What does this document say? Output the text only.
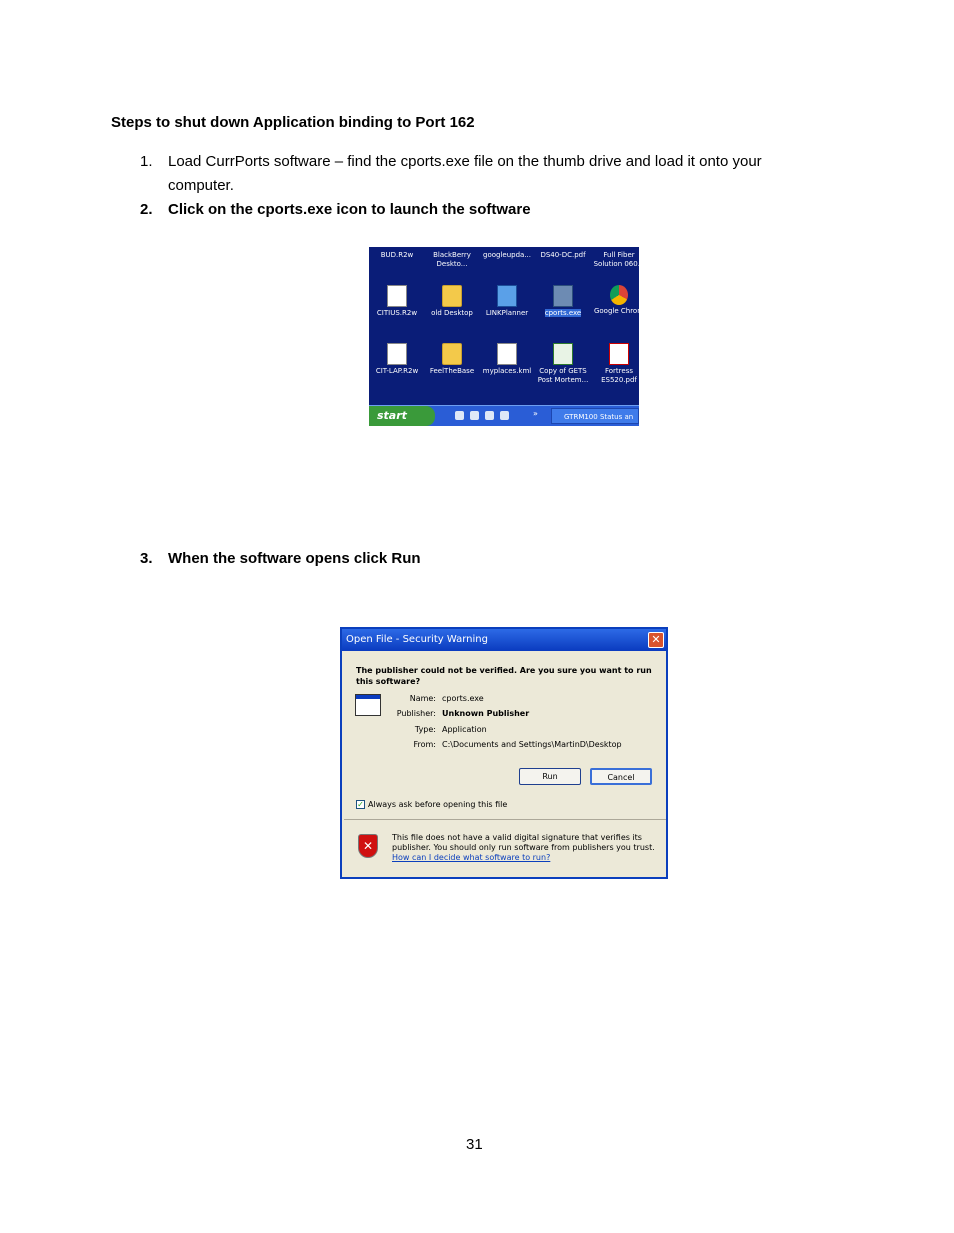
Steps to shut down Application binding to Port 162
1.	Load CurrPorts software – find the cports.exe file on the thumb drive and load it onto your
computer.
2.	Click on the cports.exe icon to launch the software
BUD.R2w	BlackBerry Deskto...
googleupda...	DS40-DC.pdf	Full Fiber Solution 060...
CITIUS.R2w	old Desktop	LINKPlanner	cports.exe	Google Chrom
CIT-LAP.R2w	FeelTheBase	myplaces.kml	Copy of GETS Post Mortem...
Fortress ES520.pdf
start	»	GTRM100 Status an
3.	When the software opens click Run
Open File - Security Warning	✕
The publisher could not be verified. Are you sure you want to run this software?
Name: cports.exe
Publisher: Unknown Publisher
Type: Application
From: C:\Documents and Settings\MartinD\Desktop
Run	Cancel
✓ Always ask before opening this file
✕
This file does not have a valid digital signature that verifies its publisher. You should only run software from publishers you trust.
How can I decide what software to run?
31
